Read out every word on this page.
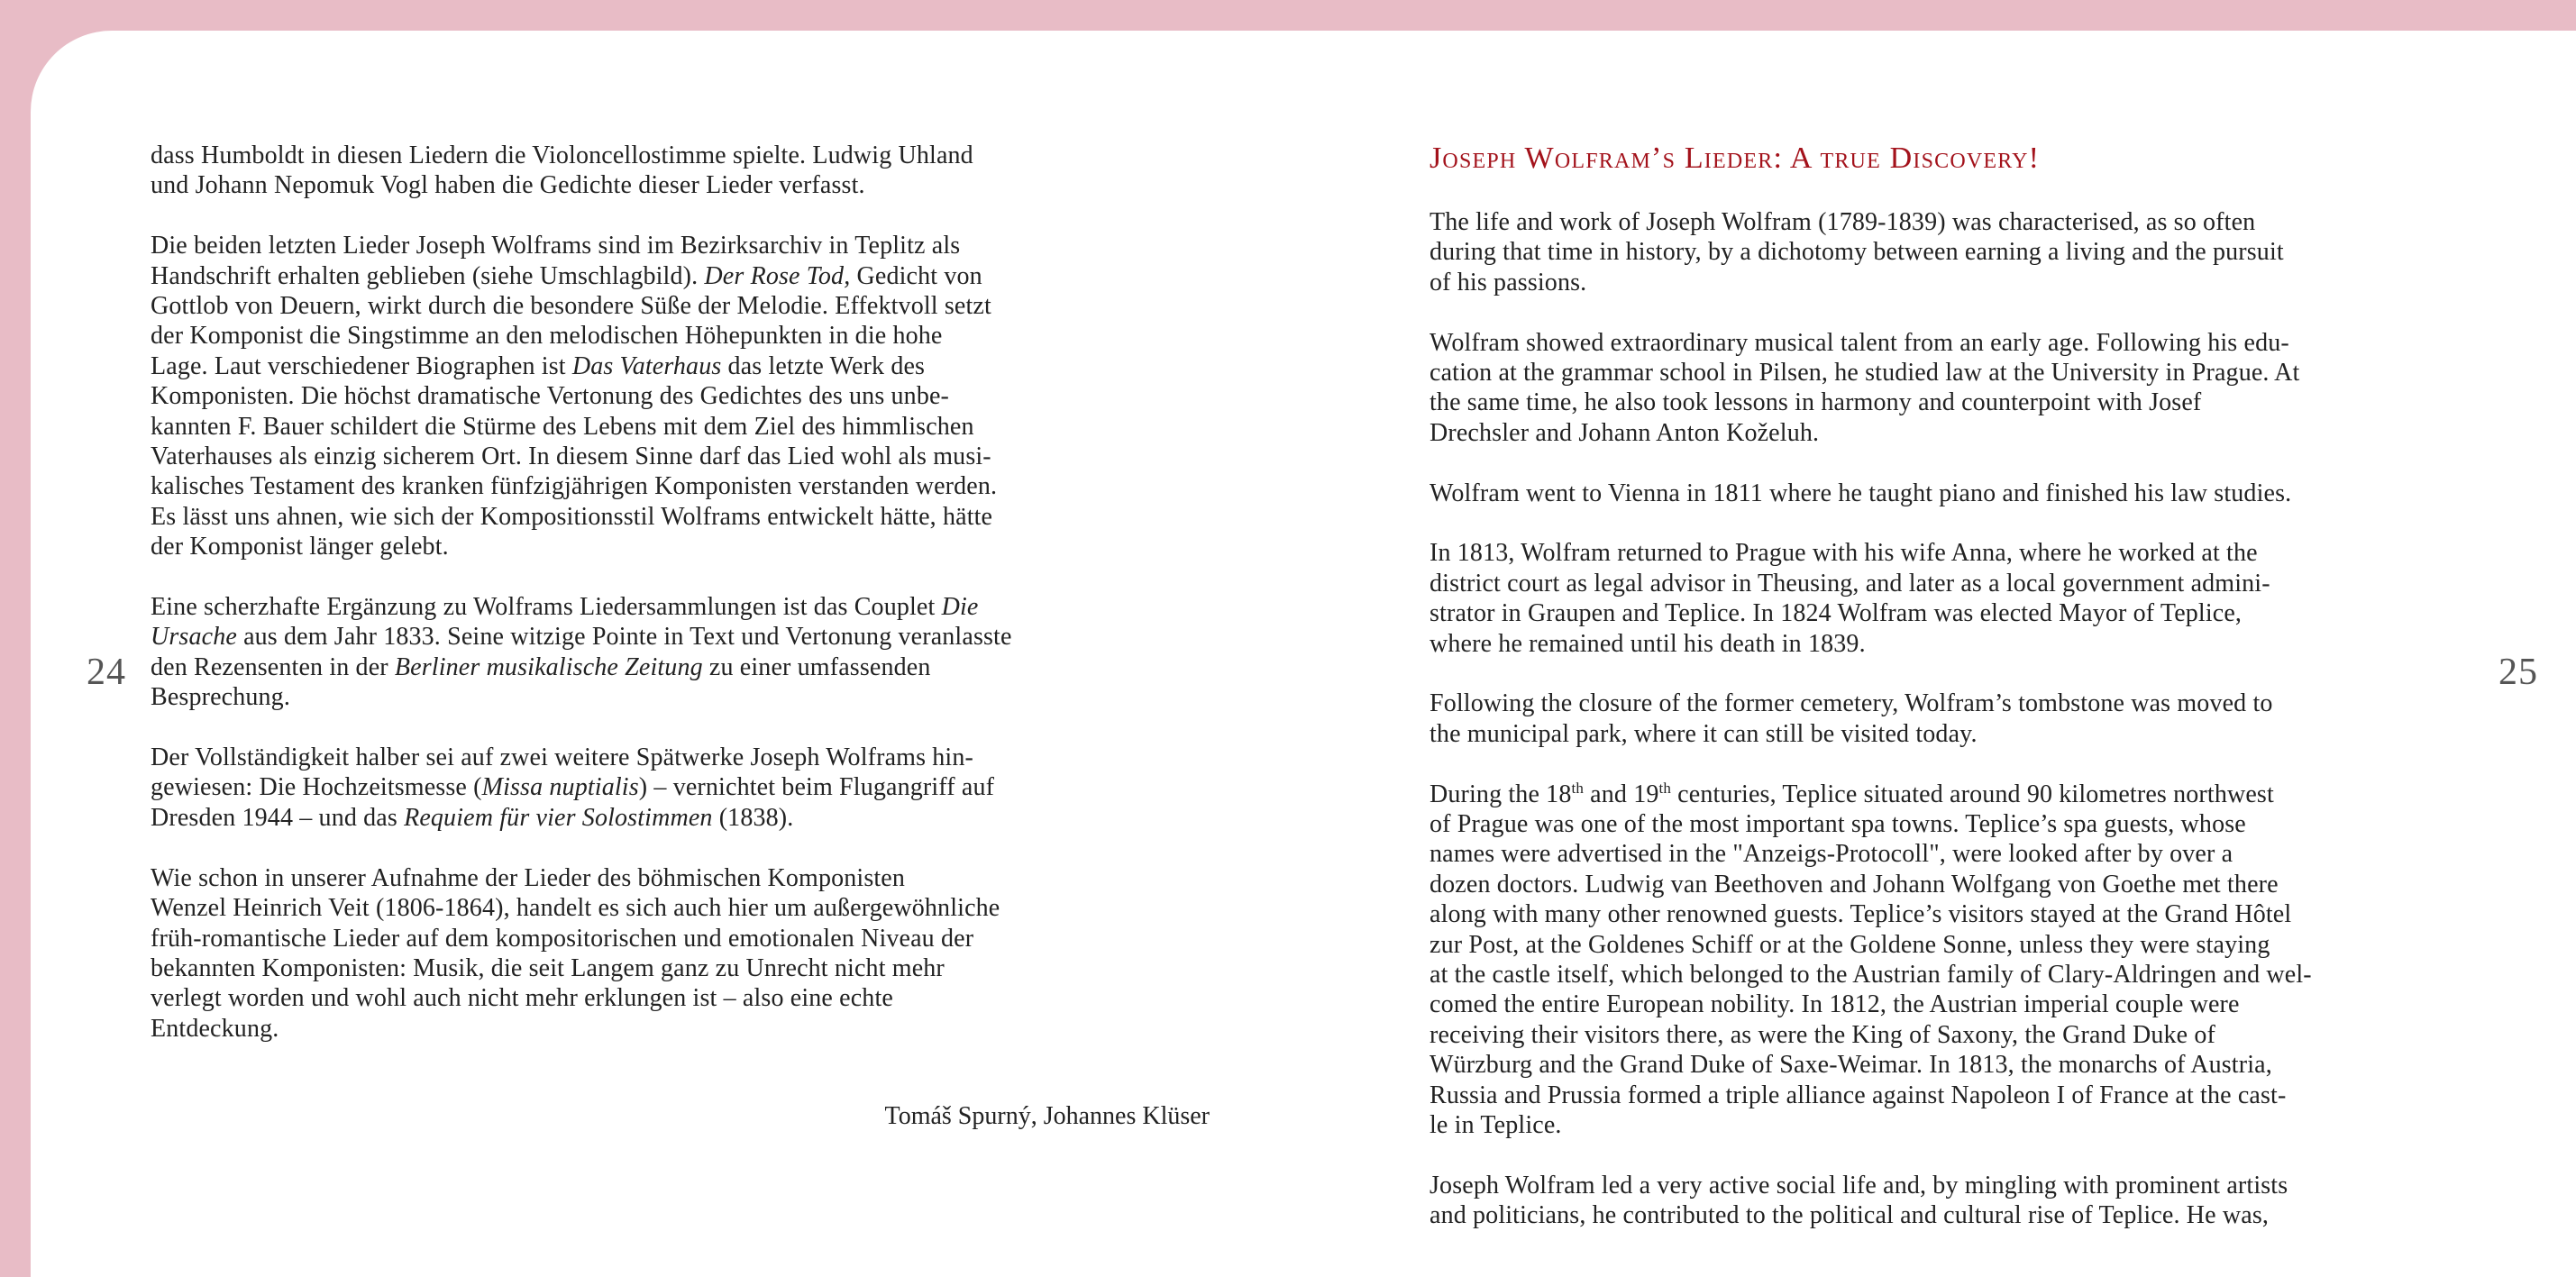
24	25

dass Humboldt in diesen Liedern die Violoncellostimme spielte. Ludwig Uhland
und Johann Nepomuk Vogl haben die Gedichte dieser Lieder verfasst.

Die beiden letzten Lieder Joseph Wolframs sind im Bezirksarchiv in Teplitz als
Handschrift erhalten geblieben (siehe Umschlagbild). Der Rose Tod, Gedicht von
Gottlob von Deuern, wirkt durch die besondere Süße der Melodie. Effektvoll setzt
der Komponist die Singstimme an den melodischen Höhepunkten in die hohe
Lage. Laut verschiedener Biographen ist Das Vaterhaus das letzte Werk des
Komponisten. Die höchst dramatische Vertonung des Gedichtes des uns unbe-
kannten F. Bauer schildert die Stürme des Lebens mit dem Ziel des himmlischen
Vaterhauses als einzig sicherem Ort. In diesem Sinne darf das Lied wohl als musi-
kalisches Testament des kranken fünfzigjährigen Komponisten verstanden werden.
Es lässt uns ahnen, wie sich der Kompositionsstil Wolframs entwickelt hätte, hätte
der Komponist länger gelebt.

Eine scherzhafte Ergänzung zu Wolframs Liedersammlungen ist das Couplet Die
Ursache aus dem Jahr 1833. Seine witzige Pointe in Text und Vertonung veranlasste
den Rezensenten in der Berliner musikalische Zeitung zu einer umfassenden
Besprechung.

Der Vollständigkeit halber sei auf zwei weitere Spätwerke Joseph Wolframs hin-
gewiesen: Die Hochzeitsmesse (Missa nuptialis) – vernichtet beim Flugangriff auf
Dresden 1944 – und das Requiem für vier Solostimmen (1838).

Wie schon in unserer Aufnahme der Lieder des böhmischen Komponisten
Wenzel Heinrich Veit (1806-1864), handelt es sich auch hier um außergewöhnliche
früh-romantische Lieder auf dem kompositorischen und emotionalen Niveau der
bekannten Komponisten: Musik, die seit Langem ganz zu Unrecht nicht mehr
verlegt worden und wohl auch nicht mehr erklungen ist – also eine echte
Entdeckung.

Tomáš Spurný, Johannes Klüser
Joseph Wolfram’s Lieder: A true Discovery!

The life and work of Joseph Wolfram (1789-1839) was characterised, as so often
during that time in history, by a dichotomy between earning a living and the pursuit
of his passions.

Wolfram showed extraordinary musical talent from an early age. Following his edu-
cation at the grammar school in Pilsen, he studied law at the University in Prague. At
the same time, he also took lessons in harmony and counterpoint with Josef
Drechsler and Johann Anton Koželuh.

Wolfram went to Vienna in 1811 where he taught piano and finished his law studies.

In 1813, Wolfram returned to Prague with his wife Anna, where he worked at the
district court as legal advisor in Theusing, and later as a local government admini-
strator in Graupen and Teplice. In 1824 Wolfram was elected Mayor of Teplice,
where he remained until his death in 1839.

Following the closure of the former cemetery, Wolfram’s tombstone was moved to
the municipal park, where it can still be visited today.

During the 18th and 19th centuries, Teplice situated around 90 kilometres northwest
of Prague was one of the most important spa towns. Teplice’s spa guests, whose
names were advertised in the "Anzeigs-Protocoll", were looked after by over a
dozen doctors. Ludwig van Beethoven and Johann Wolfgang von Goethe met there
along with many other renowned guests. Teplice’s visitors stayed at the Grand Hôtel
zur Post, at the Goldenes Schiff or at the Goldene Sonne, unless they were staying
at the castle itself, which belonged to the Austrian family of Clary-Aldringen and wel-
comed the entire European nobility. In 1812, the Austrian imperial couple were
receiving their visitors there, as were the King of Saxony, the Grand Duke of
Würzburg and the Grand Duke of Saxe-Weimar. In 1813, the monarchs of Austria,
Russia and Prussia formed a triple alliance against Napoleon I of France at the cast-
le in Teplice.

Joseph Wolfram led a very active social life and, by mingling with prominent artists
and politicians, he contributed to the political and cultural rise of Teplice. He was,
